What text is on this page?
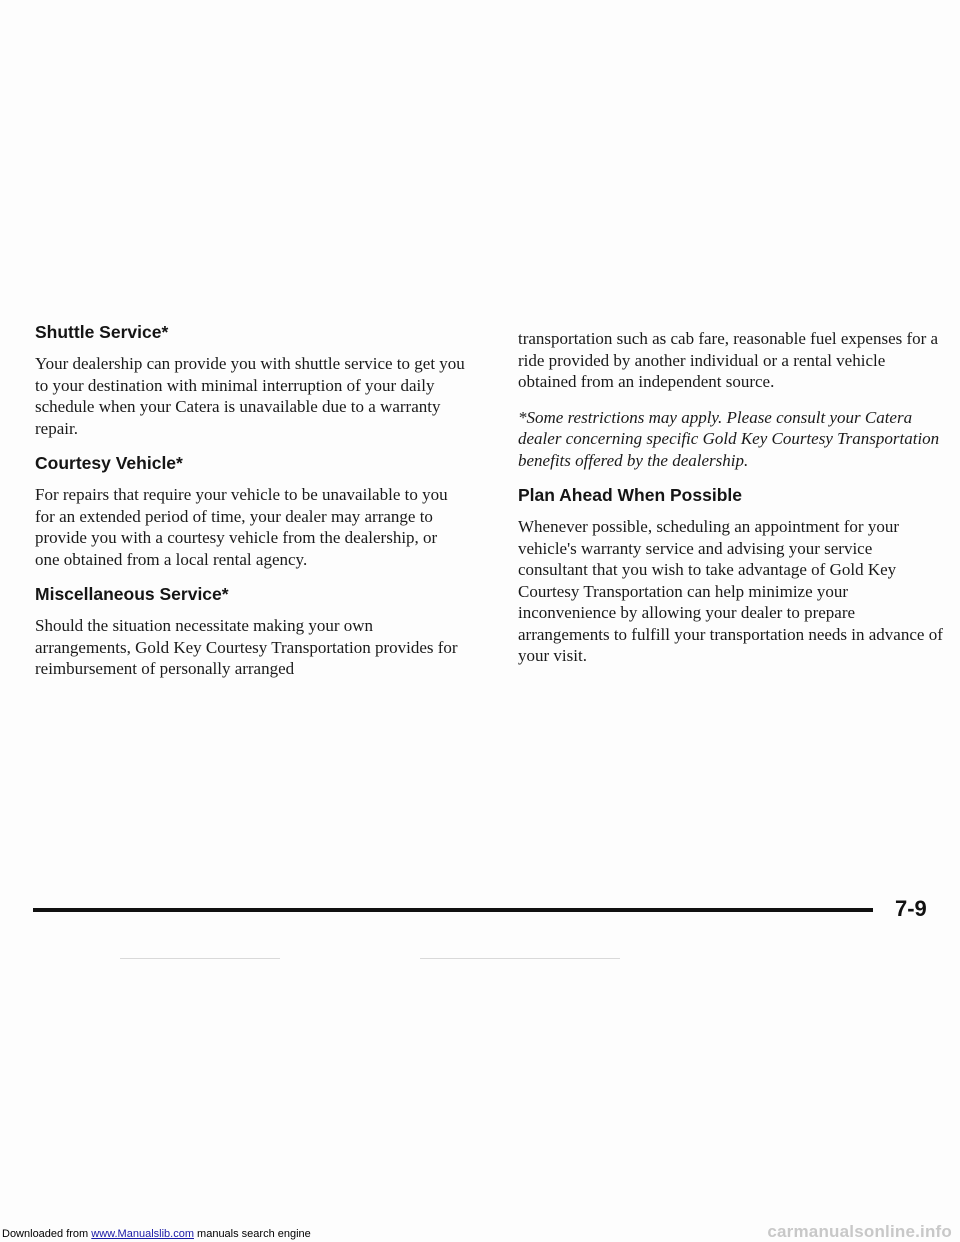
Shuttle Service*

Your dealership can provide you with shuttle service to get you to your destination with minimal interruption of your daily schedule when your Catera is unavailable due to a warranty repair.

Courtesy Vehicle*

For repairs that require your vehicle to be unavailable to you for an extended period of time, your dealer may arrange to provide you with a courtesy vehicle from the dealership, or one obtained from a local rental agency.

Miscellaneous Service*

Should the situation necessitate making your own arrangements, Gold Key Courtesy Transportation provides for reimbursement of personally arranged

transportation such as cab fare, reasonable fuel expenses for a ride provided by another individual or a rental vehicle obtained from an independent source.

*Some restrictions may apply. Please consult your Catera dealer concerning specific Gold Key Courtesy Transportation benefits offered by the dealership.

Plan Ahead When Possible

Whenever possible, scheduling an appointment for your vehicle's warranty service and advising your service consultant that you wish to take advantage of Gold Key Courtesy Transportation can help minimize your inconvenience by allowing your dealer to prepare arrangements to fulfill your transportation needs in advance of your visit.

7-9
Downloaded from www.Manualslib.com manuals search engine	carmanualsonline.info
